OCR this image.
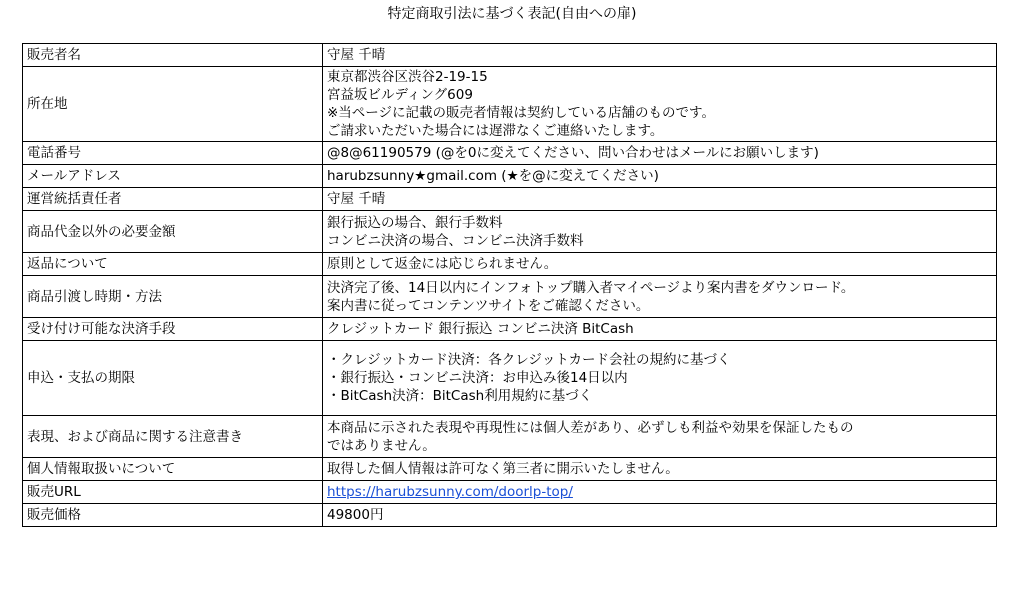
特定商取引法に基づく表記(自由への扉)
販売者名	守屋 千晴

所在地	東京都渋谷区渋谷2-19-15
宮益坂ビルディング609
※当ページに記載の販売者情報は契約している店舗のものです。
ご請求いただいた場合には遅滞なくご連絡いたします。

電話番号	@8@61190579 (@を0に変えてください、問い合わせはメールにお願いします)

メールアドレス	harubzsunny★gmail.com (★を@に変えてください)

運営統括責任者	守屋 千晴

商品代金以外の必要金額	銀行振込の場合、銀行手数料
コンビニ決済の場合、コンビニ決済手数料

返品について	原則として返金には応じられません。

商品引渡し時期・方法	決済完了後、14日以内にインフォトップ購入者マイページより案内書をダウンロード。
案内書に従ってコンテンツサイトをご確認ください。

受け付け可能な決済手段	クレジットカード 銀行振込 コンビニ決済 BitCash

申込・支払の期限	・クレジットカード決済：各クレジットカード会社の規約に基づく
・銀行振込・コンビニ決済：お申込み後14日以内
・BitCash決済：BitCash利用規約に基づく

表現、および商品に関する注意書き	本商品に示された表現や再現性には個人差があり、必ずしも利益や効果を保証したもの
ではありません。

個人情報取扱いについて	取得した個人情報は許可なく第三者に開示いたしません。

販売URL	https://harubzsunny.com/doorlp-top/
販売価格	49800円
